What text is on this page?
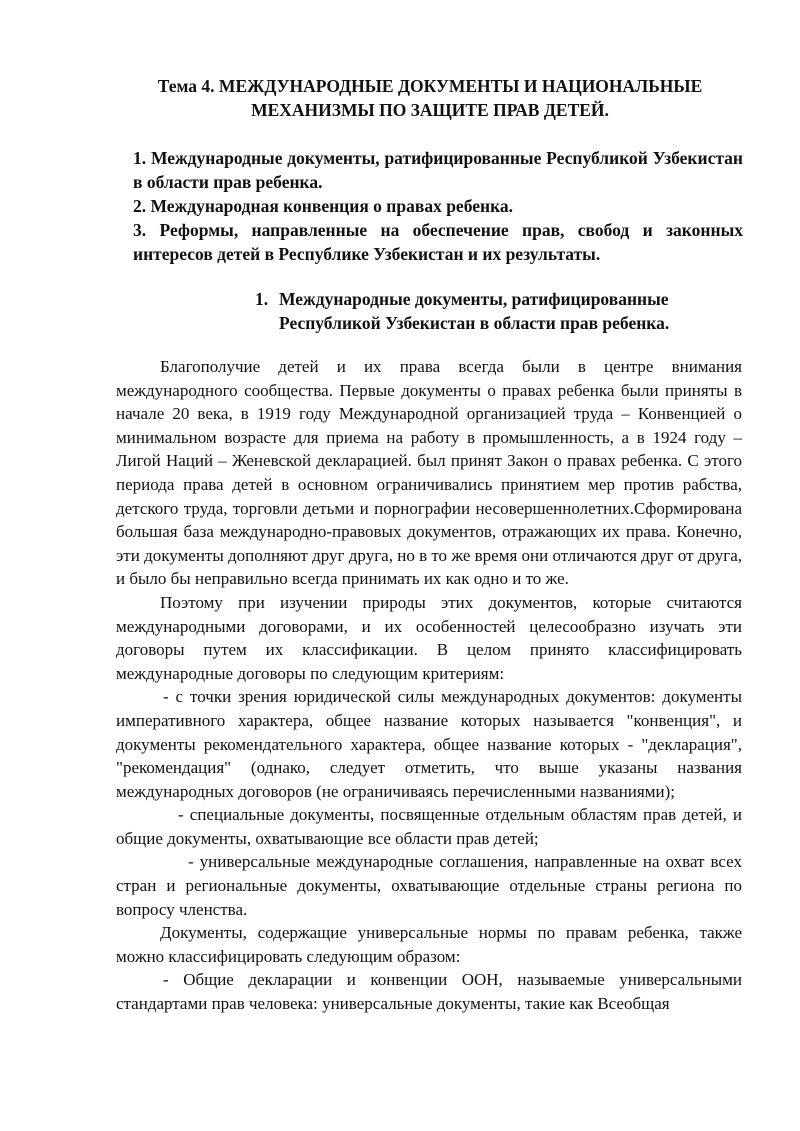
Тема 4. МЕЖДУНАРОДНЫЕ ДОКУМЕНТЫ И НАЦИОНАЛЬНЫЕ
МЕХАНИЗМЫ ПО ЗАЩИТЕ ПРАВ ДЕТЕЙ.

1. Международные документы, ратифицированные Республикой Узбекистан в области прав ребенка.

2. Международная конвенция о правах ребенка.

3. Реформы, направленные на обеспечение прав, свобод и законных интересов детей в Республике Узбекистан и их результаты.

1. Международные документы, ратифицированные
Республикой Узбекистан в области прав ребенка.

Благополучие детей и их права всегда были в центре внимания международного сообщества. Первые документы о правах ребенка были приняты в начале 20 века, в 1919 году Международной организацией труда – Конвенцией о минимальном возрасте для приема на работу в промышленность, а в 1924 году – Лигой Наций – Женевской декларацией. был принят Закон о правах ребенка. С этого периода права детей в основном ограничивались принятием мер против рабства, детского труда, торговли детьми и порнографии несовершеннолетних.Сформирована большая база международно-правовых документов, отражающих их права. Конечно, эти документы дополняют друг друга, но в то же время они отличаются друг от друга, и было бы неправильно всегда принимать их как одно и то же.

Поэтому при изучении природы этих документов, которые считаются международными договорами, и их особенностей целесообразно изучать эти договоры путем их классификации. В целом принято классифицировать международные договоры по следующим критериям:

- с точки зрения юридической силы международных документов: документы императивного характера, общее название которых называется "конвенция", и документы рекомендательного характера, общее название которых - "декларация", "рекомендация" (однако, следует отметить, что выше указаны названия международных договоров (не ограничиваясь перечисленными названиями);

- специальные документы, посвященные отдельным областям прав детей, и общие документы, охватывающие все области прав детей;

- универсальные международные соглашения, направленные на охват всех стран и региональные документы, охватывающие отдельные страны региона по вопросу членства.

Документы, содержащие универсальные нормы по правам ребенка, также можно классифицировать следующим образом:

- Общие декларации и конвенции ООН, называемые универсальными стандартами прав человека: универсальные документы, такие как Всеобщая
